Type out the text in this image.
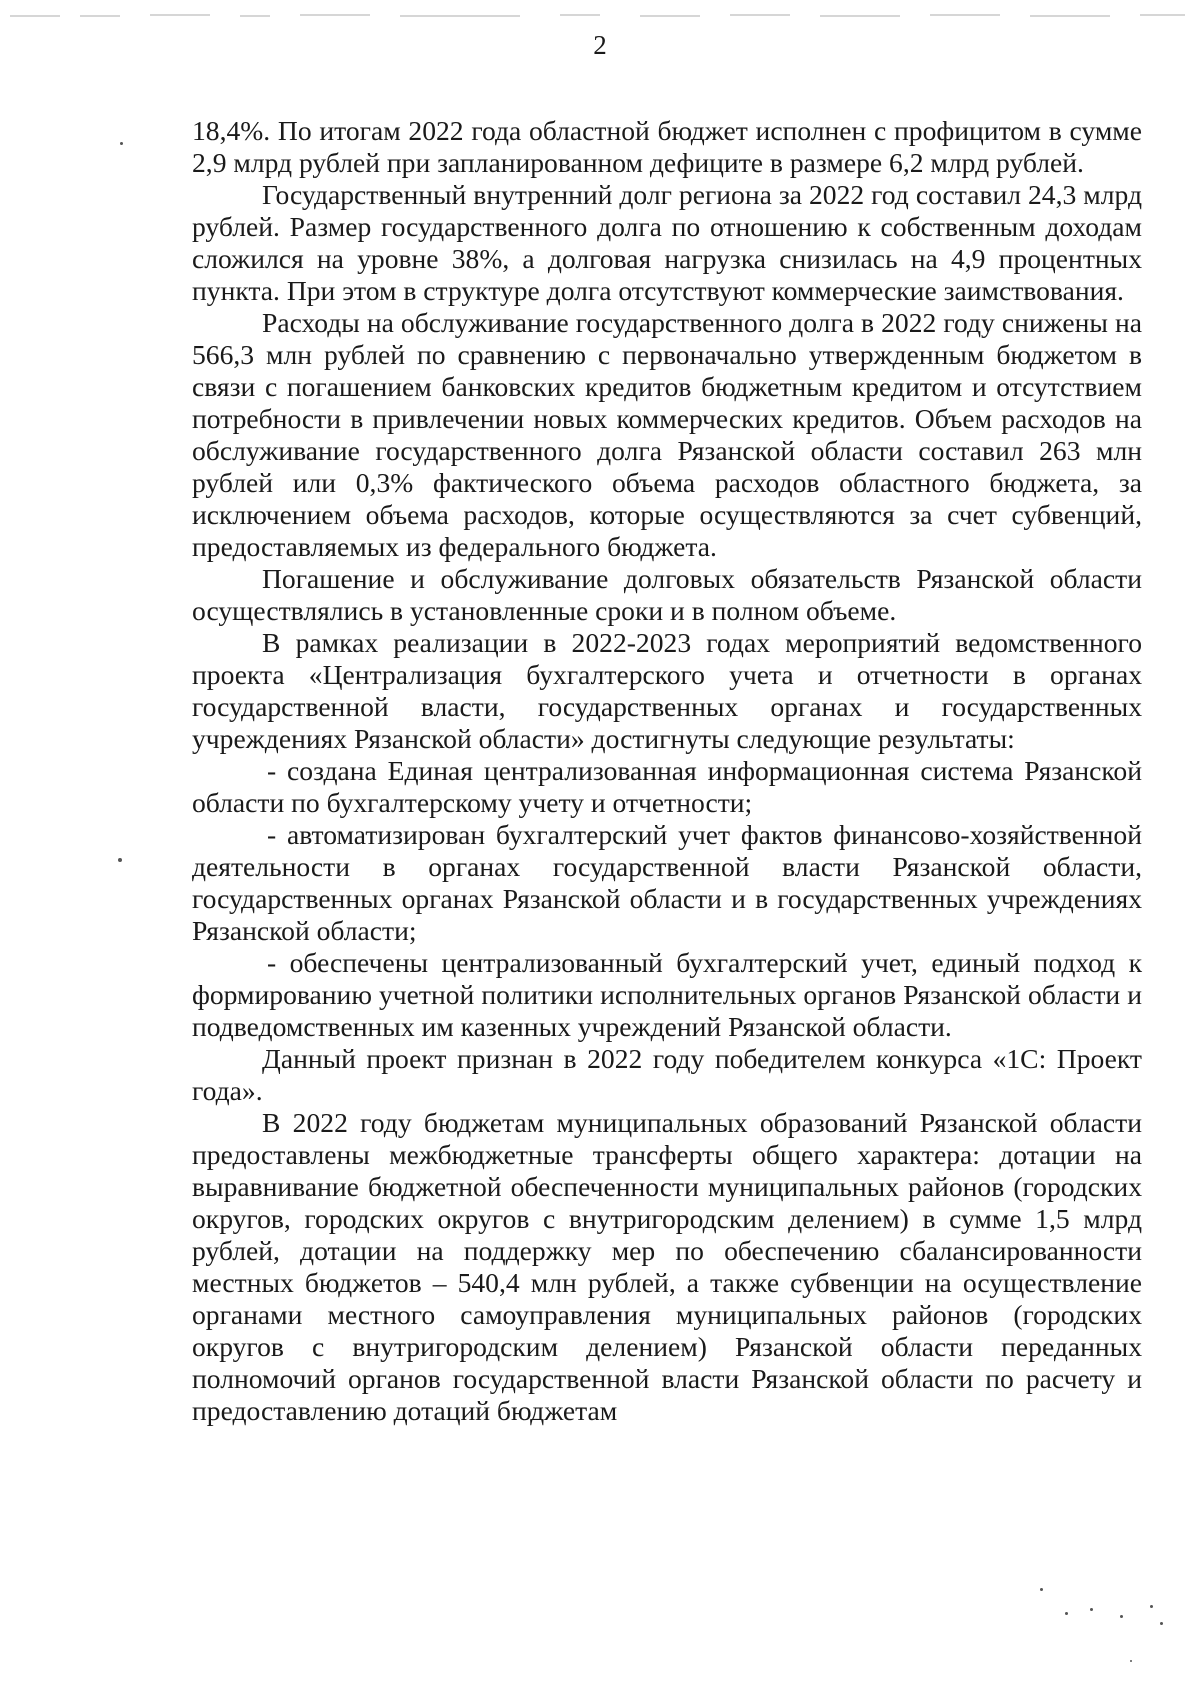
2

18,4%. По итогам 2022 года областной бюджет исполнен с профицитом в сумме 2,9 млрд рублей при запланированном дефиците в размере 6,2 млрд рублей.

Государственный внутренний долг региона за 2022 год составил 24,3 млрд рублей. Размер государственного долга по отношению к собственным доходам сложился на уровне 38%, а долговая нагрузка снизилась на 4,9 процентных пункта. При этом в структуре долга отсутствуют коммерческие заимствования.

Расходы на обслуживание государственного долга в 2022 году снижены на 566,3 млн рублей по сравнению с первоначально утвержденным бюджетом в связи с погашением банковских кредитов бюджетным кредитом и отсутствием потребности в привлечении новых коммерческих кредитов. Объем расходов на обслуживание государственного долга Рязанской области составил 263 млн рублей или 0,3% фактического объема расходов областного бюджета, за исключением объема расходов, которые осуществляются за счет субвенций, предоставляемых из федерального бюджета.

Погашение и обслуживание долговых обязательств Рязанской области осуществлялись в установленные сроки и в полном объеме.

В рамках реализации в 2022-2023 годах мероприятий ведомственного проекта «Централизация бухгалтерского учета и отчетности в органах государственной власти, государственных органах и государственных учреждениях Рязанской области» достигнуты следующие результаты:

- создана Единая централизованная информационная система Рязанской области по бухгалтерскому учету и отчетности;

- автоматизирован бухгалтерский учет фактов финансово-хозяйственной деятельности в органах государственной власти Рязанской области, государственных органах Рязанской области и в государственных учреждениях Рязанской области;

- обеспечены централизованный бухгалтерский учет, единый подход к формированию учетной политики исполнительных органов Рязанской области и подведомственных им казенных учреждений Рязанской области.

Данный проект признан в 2022 году победителем конкурса «1С: Проект года».

В 2022 году бюджетам муниципальных образований Рязанской области предоставлены межбюджетные трансферты общего характера: дотации на выравнивание бюджетной обеспеченности муниципальных районов (городских округов, городских округов с внутригородским делением) в сумме 1,5 млрд рублей, дотации на поддержку мер по обеспечению сбалансированности местных бюджетов – 540,4 млн рублей, а также субвенции на осуществление органами местного самоуправления муниципальных районов (городских округов с внутригородским делением) Рязанской области переданных полномочий органов государственной власти Рязанской области по расчету и предоставлению дотаций бюджетам
